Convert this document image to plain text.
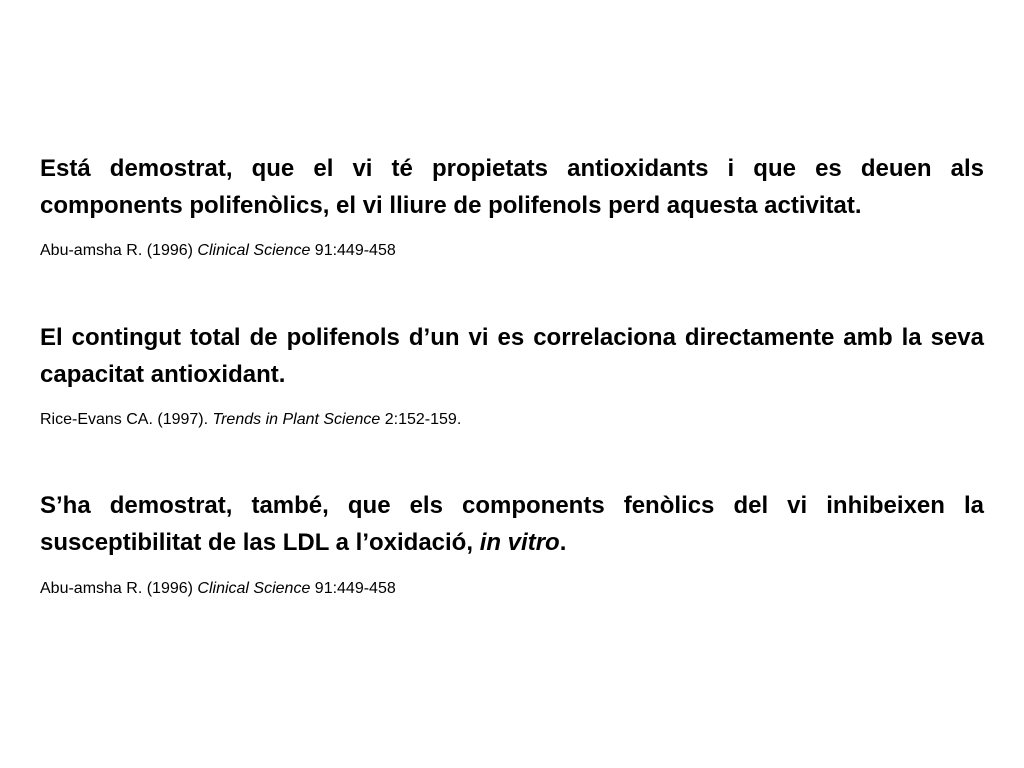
Está demostrat, que el vi té propietats antioxidants i que es deuen als components polifenòlics, el vi lliure de polifenols perd aquesta activitat.

Abu-amsha R. (1996) Clinical Science 91:449-458

El contingut total de polifenols d’un vi es correlaciona directamente amb la seva capacitat antioxidant.

Rice-Evans CA. (1997). Trends in Plant Science 2:152-159.

S’ha demostrat, també, que els components fenòlics del vi inhibeixen la susceptibilitat de las LDL a l’oxidació, in vitro.

Abu-amsha R. (1996) Clinical Science 91:449-458
